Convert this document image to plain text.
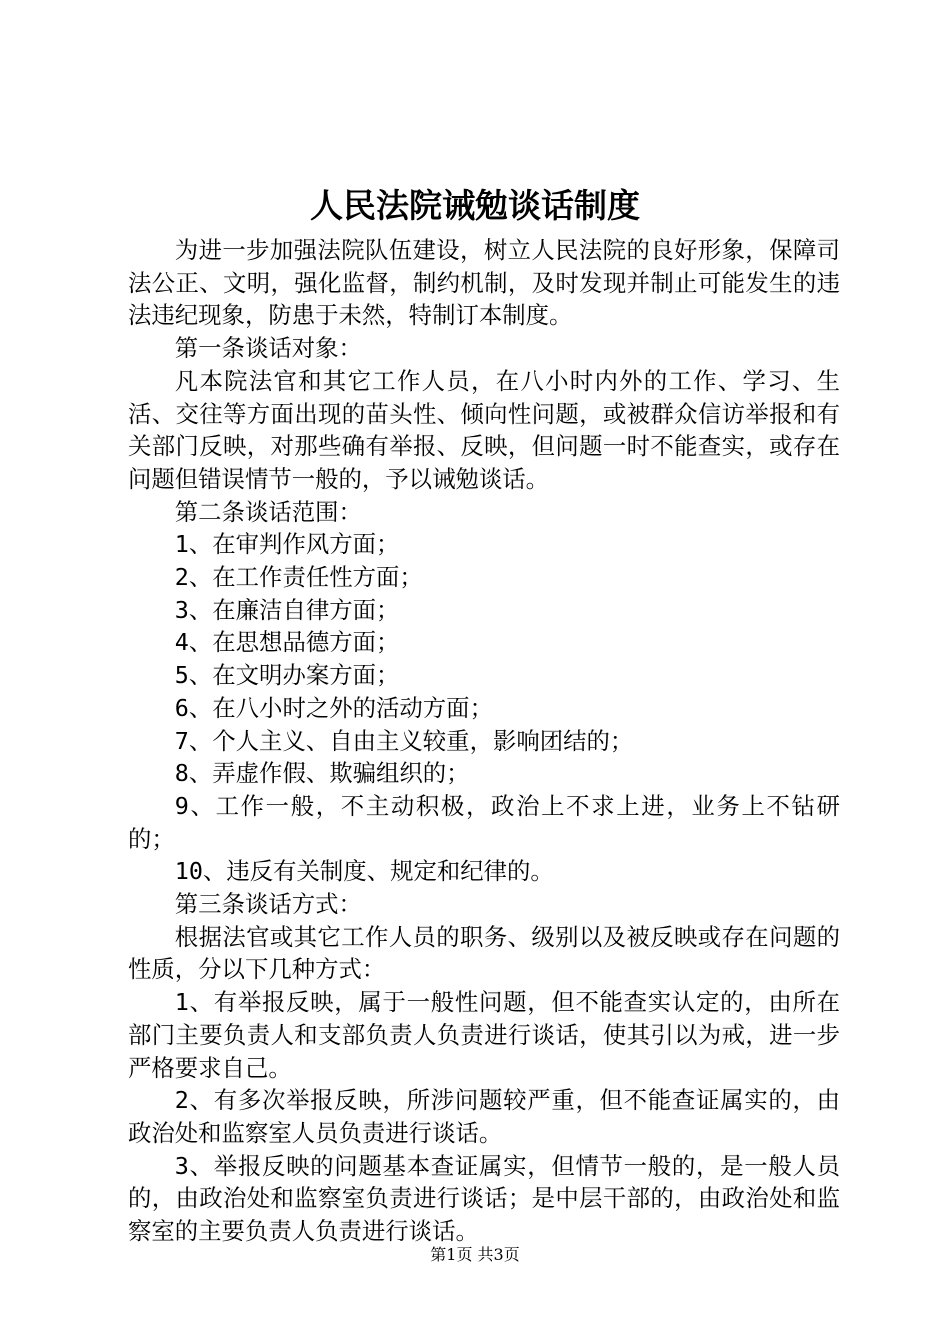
人民法院诫勉谈话制度

为进一步加强法院队伍建设，树立人民法院的良好形象，保障司法公正、文明，强化监督，制约机制，及时发现并制止可能发生的违法违纪现象，防患于未然，特制订本制度。

第一条谈话对象：

凡本院法官和其它工作人员，在八小时内外的工作、学习、生活、交往等方面出现的苗头性、倾向性问题，或被群众信访举报和有关部门反映，对那些确有举报、反映，但问题一时不能查实，或存在问题但错误情节一般的，予以诫勉谈话。

第二条谈话范围：

1、在审判作风方面；

2、在工作责任性方面；

3、在廉洁自律方面；

4、在思想品德方面；

5、在文明办案方面；

6、在八小时之外的活动方面；

7、个人主义、自由主义较重，影响团结的；

8、弄虚作假、欺骗组织的；

9、工作一般，不主动积极，政治上不求上进，业务上不钻研的；

10、违反有关制度、规定和纪律的。

第三条谈话方式：

根据法官或其它工作人员的职务、级别以及被反映或存在问题的性质，分以下几种方式：

1、有举报反映，属于一般性问题，但不能查实认定的，由所在部门主要负责人和支部负责人负责进行谈话，使其引以为戒，进一步严格要求自己。

2、有多次举报反映，所涉问题较严重，但不能查证属实的，由政治处和监察室人员负责进行谈话。

3、举报反映的问题基本查证属实，但情节一般的，是一般人员的，由政治处和监察室负责进行谈话；是中层干部的，由政治处和监察室的主要负责人负责进行谈话。

第1页 共3页
